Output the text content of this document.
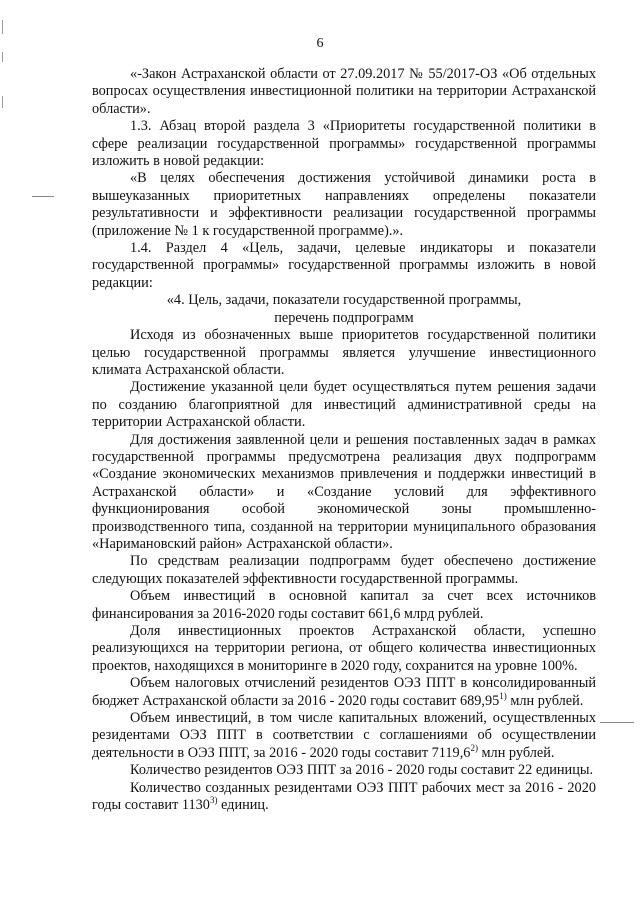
6

«-Закон Астраханской области от 27.09.2017 № 55/2017-ОЗ «Об отдельных вопросах осуществления инвестиционной политики на территории Астраханской области».

1.3. Абзац второй раздела 3 «Приоритеты государственной политики в сфере реализации государственной программы» государственной программы изложить в новой редакции:

«В целях обеспечения достижения устойчивой динамики роста в вышеуказанных приоритетных направлениях определены показатели результативности и эффективности реализации государственной программы (приложение № 1 к государственной программе).».

1.4. Раздел 4 «Цель, задачи, целевые индикаторы и показатели государственной программы» государственной программы изложить в новой редакции:

«4. Цель, задачи, показатели государственной программы,

перечень подпрограмм

Исходя из обозначенных выше приоритетов государственной политики целью государственной программы является улучшение инвестиционного климата Астраханской области.

Достижение указанной цели будет осуществляться путем решения задачи по созданию благоприятной для инвестиций административной среды на территории Астраханской области.

Для достижения заявленной цели и решения поставленных задач в рамках государственной программы предусмотрена реализация двух подпрограмм «Создание экономических механизмов привлечения и поддержки инвестиций в Астраханской области» и «Создание условий для эффективного функционирования особой экономической зоны промышленно-производственного типа, созданной на территории муниципального образования «Наримановский район» Астраханской области».

По средствам реализации подпрограмм будет обеспечено достижение следующих показателей эффективности государственной программы.

Объем инвестиций в основной капитал за счет всех источников финансирования за 2016-2020 годы составит 661,6 млрд рублей.

Доля инвестиционных проектов Астраханской области, успешно реализующихся на территории региона, от общего количества инвестиционных проектов, находящихся в мониторинге в 2020 году, сохранится на уровне 100%.

Объем налоговых отчислений резидентов ОЭЗ ППТ в консолидированный бюджет Астраханской области за 2016 - 2020 годы составит 689,95$^{1)}$ млн рублей.

Объем инвестиций, в том числе капитальных вложений, осуществленных резидентами ОЭЗ ППТ в соответствии с соглашениями об осуществлении деятельности в ОЭЗ ППТ, за 2016 - 2020 годы составит 7119,6$^{2)}$ млн рублей.

Количество резидентов ОЭЗ ППТ за 2016 - 2020 годы составит 22 единицы.

Количество созданных резидентами ОЭЗ ППТ рабочих мест за 2016 - 2020 годы составит 1130$^{3)}$ единиц.
